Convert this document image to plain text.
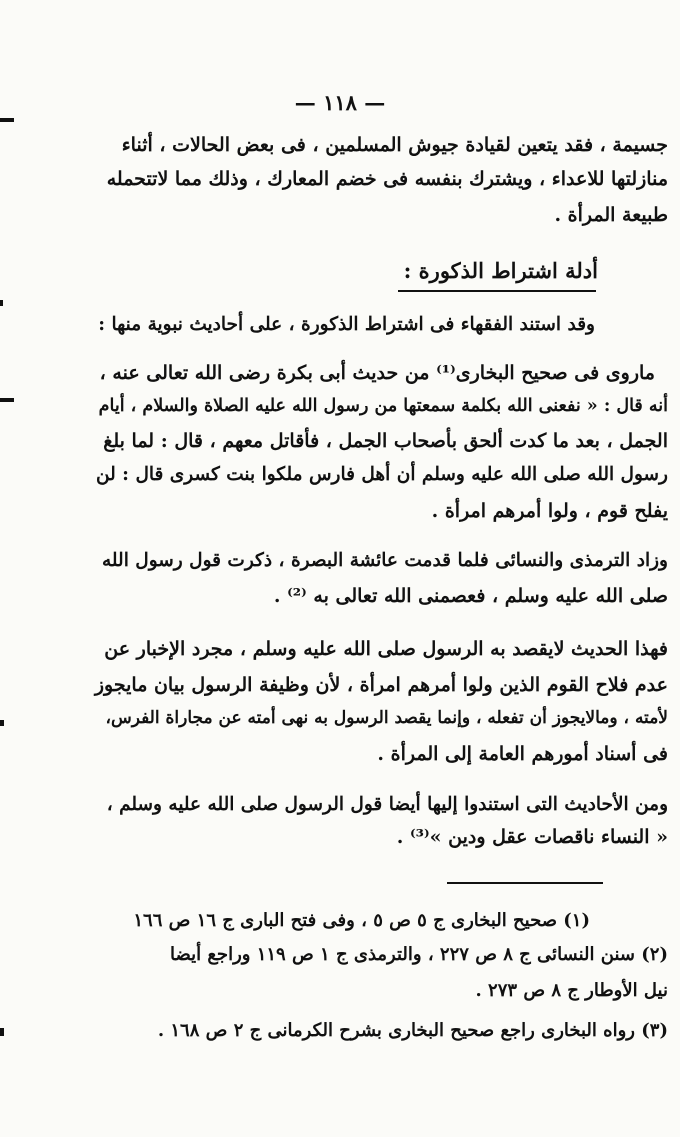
— ١١٨ —
جسيمة ، فقد يتعين لقيادة جيوش المسلمين ، فى بعض الحالات ، أثناء
منازلتها للاعداء ، ويشترك بنفسه فى خضم المعارك ، وذلك مما لاتتحمله
طبيعة المرأة .
أدلة اشتراط الذكورة :
وقد استند الفقهاء فى اشتراط الذكورة ، على أحاديث نبوية منها :
ماروى فى صحيح البخارى⁽¹⁾ من حديث أبى بكرة رضى الله تعالى عنه ،
أنه قال : « نفعنى الله بكلمة سمعتها من رسول الله عليه الصلاة والسلام ، أيام
الجمل ، بعد ما كدت ألحق بأصحاب الجمل ، فأقاتل معهم ، قال : لما بلغ
رسول الله صلى الله عليه وسلم أن أهل فارس ملكوا بنت كسرى قال : لن
يفلح قوم ، ولوا أمرهم امرأة .
وزاد الترمذى والنسائى فلما قدمت عائشة البصرة ، ذكرت قول رسول الله
صلى الله عليه وسلم ، فعصمنى الله تعالى به ⁽²⁾ .
فهذا الحديث لايقصد به الرسول صلى الله عليه وسلم ، مجرد الإخبار عن
عدم فلاح القوم الذين ولوا أمرهم امرأة ، لأن وظيفة الرسول بيان مايجوز
لأمته ، ومالايجوز أن تفعله ، وإنما يقصد الرسول به نهى أمته عن مجاراة الفرس،
فى أسناد أمورهم العامة إلى المرأة .
ومن الأحاديث التى استندوا إليها أيضا قول الرسول صلى الله عليه وسلم ،
« النساء ناقصات عقل ودين »⁽³⁾ .
(١) صحيح البخارى ج ٥ ص ٥ ، وفى فتح البارى ج ١٦ ص ١٦٦
(٢) سنن النسائى ج ٨ ص ٢٢٧ ، والترمذى ج ١ ص ١١٩ وراجع أيضا
نيل الأوطار ج ٨ ص ٢٧٣ .
(٣) رواه البخارى راجع صحيح البخارى بشرح الكرمانى ج ٢ ص ١٦٨ .
